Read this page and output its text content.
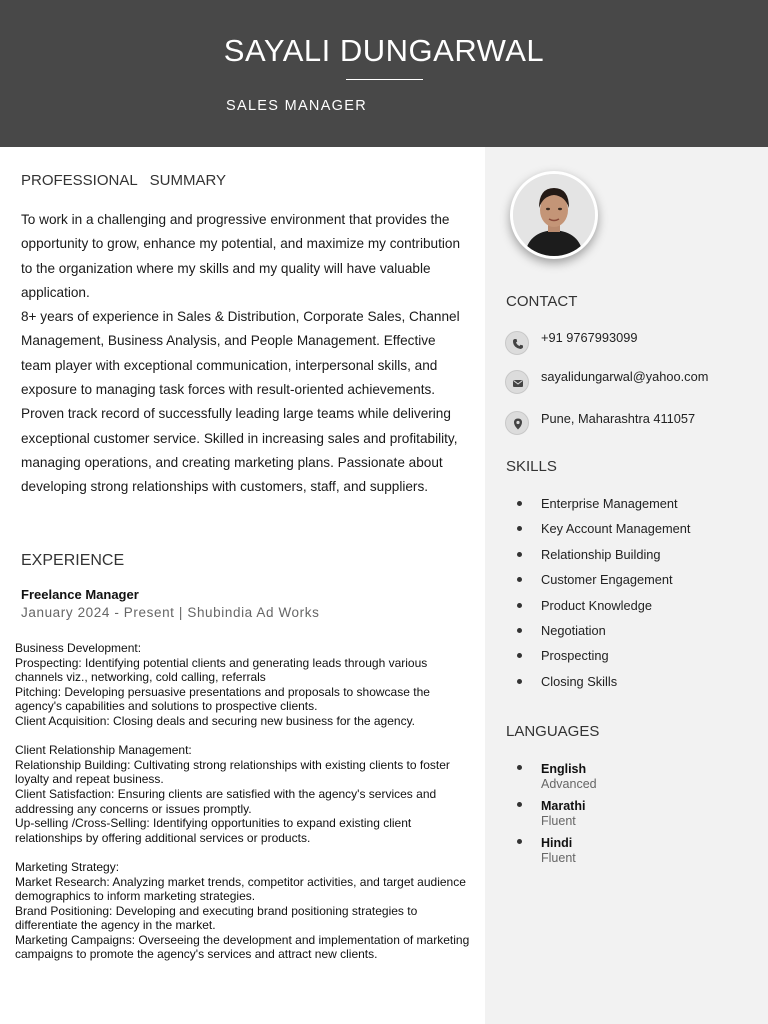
SAYALI DUNGARWAL
SALES MANAGER
PROFESSIONAL   SUMMARY
To work in a challenging and progressive environment that provides the opportunity to grow, enhance my potential, and maximize my contribution to the organization where my skills and my quality will have valuable application.
8+ years of experience in Sales & Distribution, Corporate Sales, Channel Management, Business Analysis, and People Management. Effective team player with exceptional communication, interpersonal skills, and exposure to managing task forces with result-oriented achievements. Proven track record of successfully leading large teams while delivering exceptional customer service. Skilled in increasing sales and profitability, managing operations, and creating marketing plans. Passionate about developing strong relationships with customers, staff, and suppliers.
EXPERIENCE
Freelance Manager
January 2024 - Present | Shubindia Ad Works

Business Development:

Prospecting: Identifying potential clients and generating leads through various channels viz., networking, cold calling, referrals

Pitching: Developing persuasive presentations and proposals to showcase the agency's capabilities and solutions to prospective clients.

Client Acquisition: Closing deals and securing new business for the agency.

Client Relationship Management:

Relationship Building: Cultivating strong relationships with existing clients to foster loyalty and repeat business.

Client Satisfaction: Ensuring clients are satisfied with the agency's services and addressing any concerns or issues promptly.

Up-selling /Cross-Selling: Identifying opportunities to expand existing client relationships by offering additional services or products.

Marketing Strategy:

Market Research: Analyzing market trends, competitor activities, and target audience demographics to inform marketing strategies.

Brand Positioning: Developing and executing brand positioning strategies to differentiate the agency in the market.

Marketing Campaigns: Overseeing the development and implementation of marketing campaigns to promote the agency's services and attract new clients.

CONTACT
+91 9767993099
sayalidungarwal@yahoo.com
Pune, Maharashtra 411057
SKILLS
Enterprise Management
Key Account Management
Relationship Building
Customer Engagement
Product Knowledge
Negotiation
Prospecting
Closing Skills
LANGUAGES
English
Advanced
Marathi
Fluent
Hindi
Fluent
